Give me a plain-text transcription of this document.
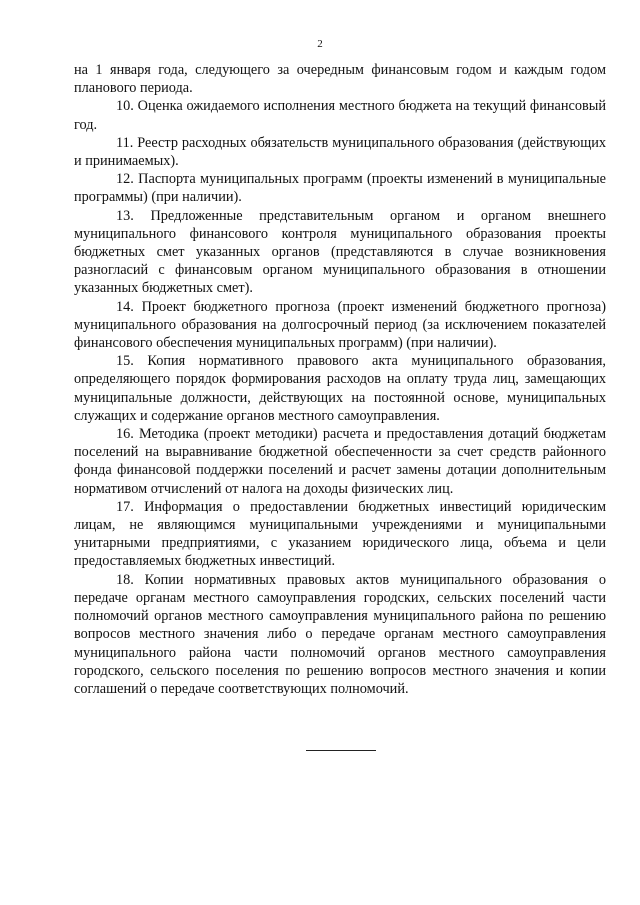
2

на 1 января года, следующего за очередным финансовым годом и каждым годом планового периода.

10. Оценка ожидаемого исполнения местного бюджета на текущий финансовый год.

11. Реестр расходных обязательств муниципального образования (действующих и принимаемых).

12. Паспорта муниципальных программ (проекты изменений в муниципальные программы) (при наличии).

13. Предложенные представительным органом и органом внешнего муниципального финансового контроля муниципального образования проекты бюджетных смет указанных органов (представляются в случае возникновения разногласий с финансовым органом муниципального образования в отношении указанных бюджетных смет).

14. Проект бюджетного прогноза (проект изменений бюджетного прогноза) муниципального образования на долгосрочный период (за исключением показателей финансового обеспечения муниципальных программ) (при наличии).

15. Копия нормативного правового акта муниципального образования, определяющего порядок формирования расходов на оплату труда лиц, замещающих муниципальные должности, действующих на постоянной основе, муниципальных служащих и содержание органов местного самоуправления.

16. Методика (проект методики) расчета и предоставления дотаций бюджетам поселений на выравнивание бюджетной обеспеченности за счет средств районного фонда финансовой поддержки поселений и расчет замены дотации дополнительным нормативом отчислений от налога на доходы физических лиц.

17. Информация о предоставлении бюджетных инвестиций юридическим лицам, не являющимся муниципальными учреждениями и муниципальными унитарными предприятиями, с указанием юридического лица, объема и цели предоставляемых бюджетных инвестиций.

18. Копии нормативных правовых актов муниципального образования о передаче органам местного самоуправления городских, сельских поселений части полномочий органов местного самоуправления муниципального района по решению вопросов местного значения либо о передаче органам местного самоуправления муниципального района части полномочий органов местного самоуправления городского, сельского поселения по решению вопросов местного значения и копии соглашений о передаче соответствующих полномочий.
